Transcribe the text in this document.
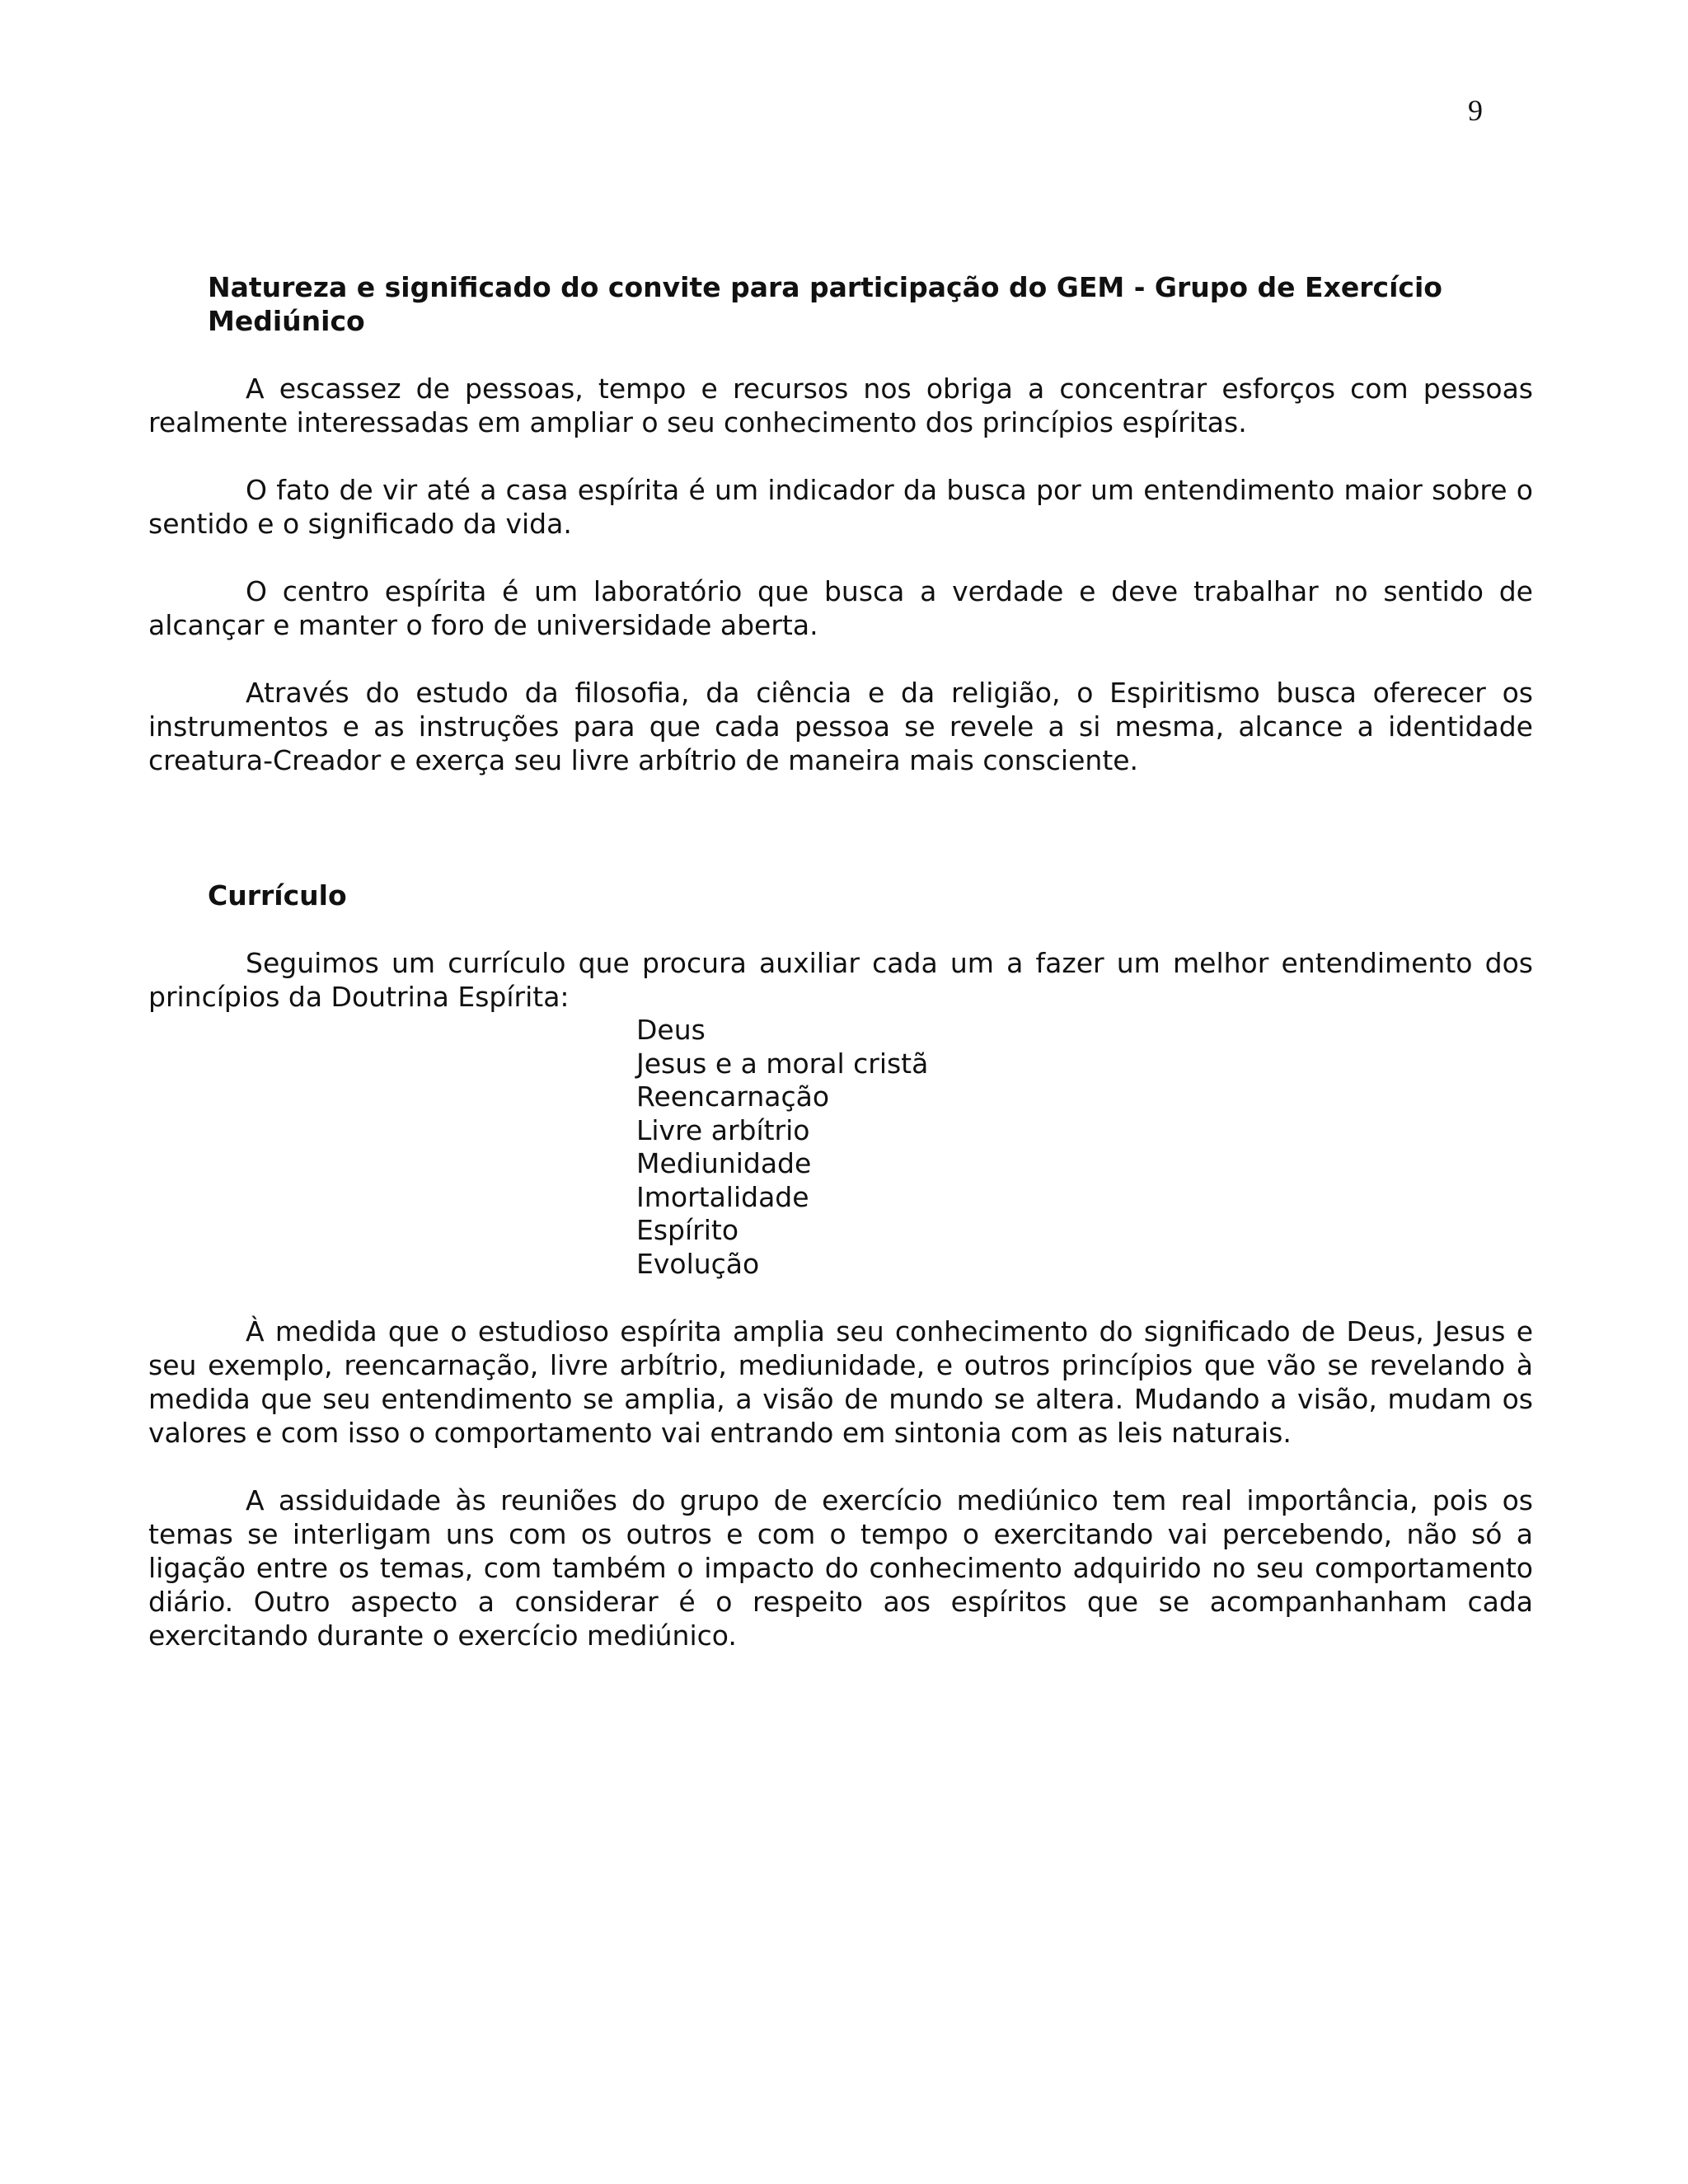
9
Natureza e significado do convite para participação do GEM - Grupo de Exercício Mediúnico

A escassez de pessoas, tempo e recursos nos obriga a concentrar esforços com pessoas realmente interessadas em ampliar o seu conhecimento dos princípios espíritas.

O fato de vir até a casa espírita é um indicador da busca por um entendimento maior sobre o sentido e o significado da vida.

O centro espírita é um laboratório que busca a verdade e deve trabalhar no sentido de alcançar e manter o foro de universidade aberta.

Através do estudo da filosofia, da ciência e da religião, o Espiritismo busca oferecer os instrumentos e as instruções para que cada pessoa se revele a si mesma, alcance a identidade creatura-Creador e exerça seu livre arbítrio de maneira mais consciente.

Currículo

Seguimos um currículo que procura auxiliar cada um a fazer um melhor entendimento dos princípios da Doutrina Espírita:

Deus
Jesus e a moral cristã
Reencarnação
Livre arbítrio
Mediunidade
Imortalidade
Espírito
Evolução

À medida que o estudioso espírita amplia seu conhecimento do significado de Deus, Jesus e seu exemplo, reencarnação, livre arbítrio, mediunidade, e outros princípios que vão se revelando à medida que seu entendimento se amplia, a visão de mundo se altera. Mudando a visão, mudam os valores e com isso o comportamento vai entrando em sintonia com as leis naturais.

A assiduidade às reuniões do grupo de exercício mediúnico tem real importância, pois os temas se interligam uns com os outros e com o tempo o exercitando vai percebendo, não só a ligação entre os temas, com também o impacto do conhecimento adquirido no seu comportamento diário. Outro aspecto a considerar é o respeito aos espíritos que se acompanhanham cada exercitando durante o exercício mediúnico.
